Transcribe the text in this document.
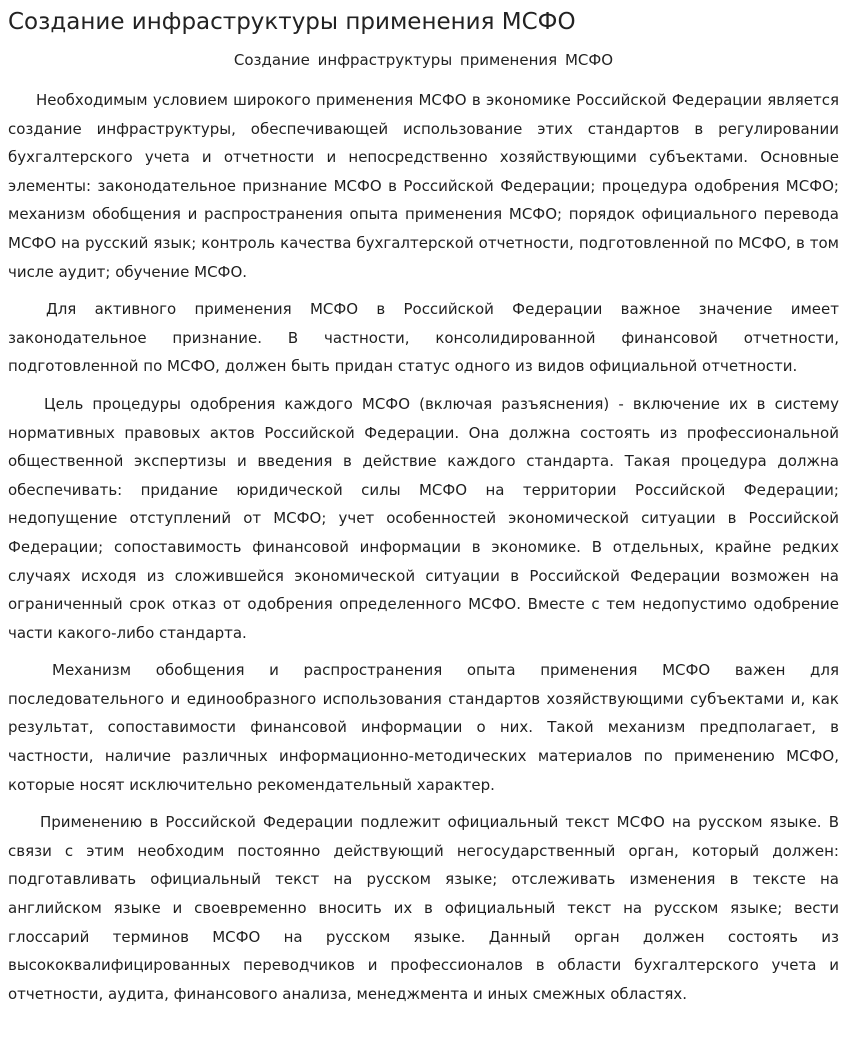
Создание инфраструктуры применения МСФО
Создание инфраструктуры применения МСФО

Необходимым условием широкого применения МСФО в экономике Российской Федерации является создание инфраструктуры, обеспечивающей использование этих стандартов в регулировании бухгалтерского учета и отчетности и непосредственно хозяйствующими субъектами. Основные элементы: законодательное признание МСФО в Российской Федерации; процедура одобрения МСФО; механизм обобщения и распространения опыта применения МСФО; порядок официального перевода МСФО на русский язык; контроль качества бухгалтерской отчетности, подготовленной по МСФО, в том числе аудит; обучение МСФО.

Для активного применения МСФО в Российской Федерации важное значение имеет законодательное признание. В частности, консолидированной финансовой отчетности, подготовленной по МСФО, должен быть придан статус одного из видов официальной отчетности.

Цель процедуры одобрения каждого МСФО (включая разъяснения) - включение их в систему нормативных правовых актов Российской Федерации. Она должна состоять из профессиональной общественной экспертизы и введения в действие каждого стандарта. Такая процедура должна обеспечивать: придание юридической силы МСФО на территории Российской Федерации; недопущение отступлений от МСФО; учет особенностей экономической ситуации в Российской Федерации; сопоставимость финансовой информации в экономике. В отдельных, крайне редких случаях исходя из сложившейся экономической ситуации в Российской Федерации возможен на ограниченный срок отказ от одобрения определенного МСФО. Вместе с тем недопустимо одобрение части какого-либо стандарта.

Механизм обобщения и распространения опыта применения МСФО важен для последовательного и единообразного использования стандартов хозяйствующими субъектами и, как результат, сопоставимости финансовой информации о них. Такой механизм предполагает, в частности, наличие различных информационно-методических материалов по применению МСФО, которые носят исключительно рекомендательный характер.

Применению в Российской Федерации подлежит официальный текст МСФО на русском языке. В связи с этим необходим постоянно действующий негосударственный орган, который должен: подготавливать официальный текст на русском языке; отслеживать изменения в тексте на английском языке и своевременно вносить их в официальный текст на русском языке; вести глоссарий терминов МСФО на русском языке. Данный орган должен состоять из высококвалифицированных переводчиков и профессионалов в области бухгалтерского учета и отчетности, аудита, финансового анализа, менеджмента и иных смежных областях.
